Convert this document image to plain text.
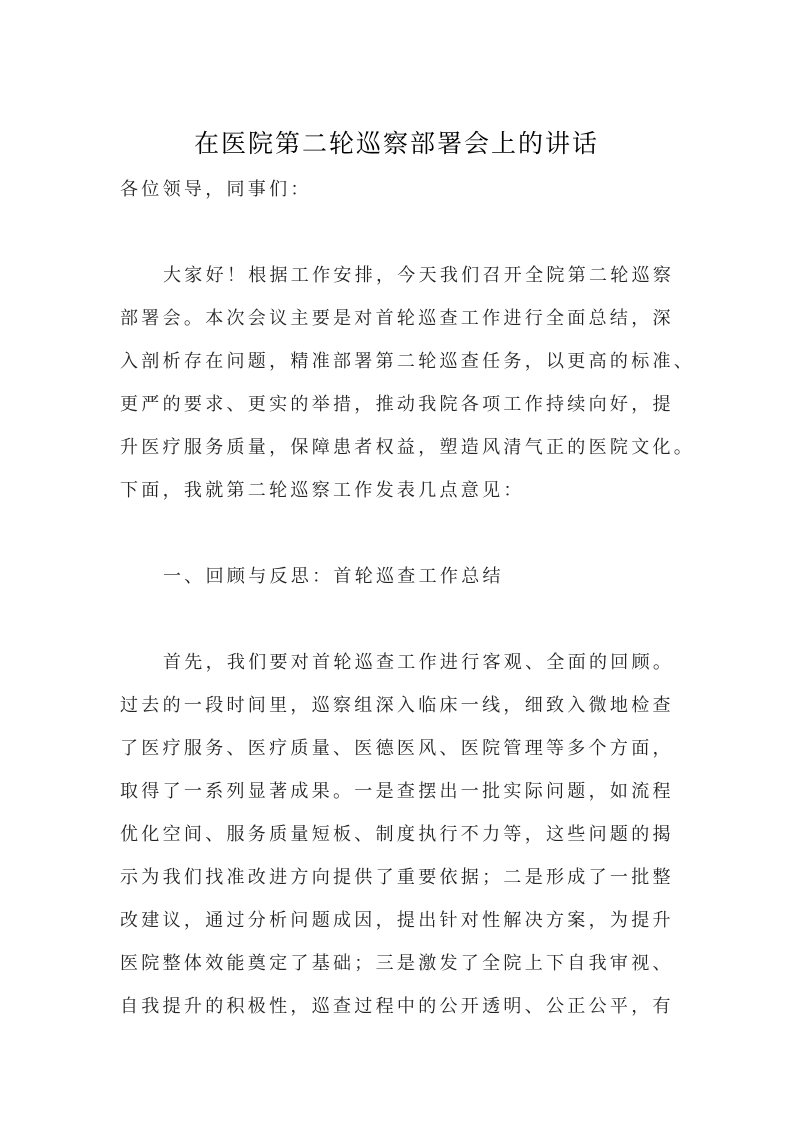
在医院第二轮巡察部署会上的讲话
各位领导，同事们：
大家好！根据工作安排，今天我们召开全院第二轮巡察
部署会。本次会议主要是对首轮巡查工作进行全面总结，深
入剖析存在问题，精准部署第二轮巡查任务，以更高的标准、
更严的要求、更实的举措，推动我院各项工作持续向好，提
升医疗服务质量，保障患者权益，塑造风清气正的医院文化。
下面，我就第二轮巡察工作发表几点意见：
一、回顾与反思：首轮巡查工作总结
首先，我们要对首轮巡查工作进行客观、全面的回顾。
过去的一段时间里，巡察组深入临床一线，细致入微地检查
了医疗服务、医疗质量、医德医风、医院管理等多个方面，
取得了一系列显著成果。一是查摆出一批实际问题，如流程
优化空间、服务质量短板、制度执行不力等，这些问题的揭
示为我们找准改进方向提供了重要依据；二是形成了一批整
改建议，通过分析问题成因，提出针对性解决方案，为提升
医院整体效能奠定了基础；三是激发了全院上下自我审视、
自我提升的积极性，巡查过程中的公开透明、公正公平，有
